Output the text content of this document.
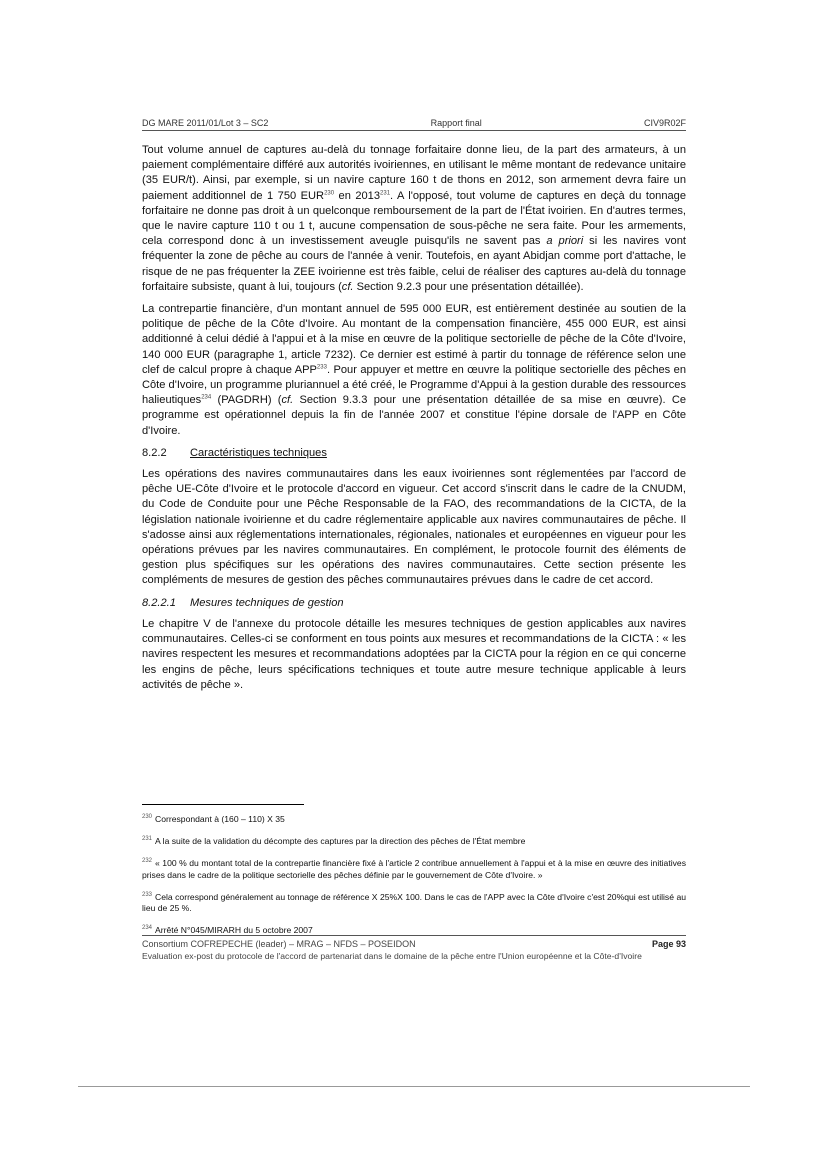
DG MARE 2011/01/Lot 3 – SC2	Rapport final	CIV9R02F

Tout volume annuel de captures au-delà du tonnage forfaitaire donne lieu, de la part des armateurs, à un paiement complémentaire différé aux autorités ivoiriennes, en utilisant le même montant de redevance unitaire (35 EUR/t). Ainsi, par exemple, si un navire capture 160 t de thons en 2012, son armement devra faire un paiement additionnel de 1 750 EUR$^{230}$ en 2013$^{231}$. A l'opposé, tout volume de captures en deçà du tonnage forfaitaire ne donne pas droit à un quelconque remboursement de la part de l'État ivoirien. En d'autres termes, que le navire capture 110 t ou 1 t, aucune compensation de sous-pêche ne sera faite. Pour les armements, cela correspond donc à un investissement aveugle puisqu'ils ne savent pas a priori si les navires vont fréquenter la zone de pêche au cours de l'année à venir. Toutefois, en ayant Abidjan comme port d'attache, le risque de ne pas fréquenter la ZEE ivoirienne est très faible, celui de réaliser des captures au-delà du tonnage forfaitaire subsiste, quant à lui, toujours (cf. Section 9.2.3 pour une présentation détaillée).

La contrepartie financière, d'un montant annuel de 595 000 EUR, est entièrement destinée au soutien de la politique de pêche de la Côte d'Ivoire. Au montant de la compensation financière, 455 000 EUR, est ainsi additionné à celui dédié à l'appui et à la mise en œuvre de la politique sectorielle de pêche de la Côte d'Ivoire, 140 000 EUR (paragraphe 1, article 7232). Ce dernier est estimé à partir du tonnage de référence selon une clef de calcul propre à chaque APP$^{233}$. Pour appuyer et mettre en œuvre la politique sectorielle des pêches en Côte d'Ivoire, un programme pluriannuel a été créé, le Programme d'Appui à la gestion durable des ressources halieutiques$^{234}$ (PAGDRH) (cf. Section 9.3.3 pour une présentation détaillée de sa mise en œuvre). Ce programme est opérationnel depuis la fin de l'année 2007 et constitue l'épine dorsale de l'APP en Côte d'Ivoire.

8.2.2	Caractéristiques techniques

Les opérations des navires communautaires dans les eaux ivoiriennes sont réglementées par l'accord de pêche UE-Côte d'Ivoire et le protocole d'accord en vigueur. Cet accord s'inscrit dans le cadre de la CNUDM, du Code de Conduite pour une Pêche Responsable de la FAO, des recommandations de la CICTA, de la législation nationale ivoirienne et du cadre réglementaire applicable aux navires communautaires de pêche. Il s'adosse ainsi aux réglementations internationales, régionales, nationales et européennes en vigueur pour les opérations prévues par les navires communautaires. En complément, le protocole fournit des éléments de gestion plus spécifiques sur les opérations des navires communautaires. Cette section présente les compléments de mesures de gestion des pêches communautaires prévues dans le cadre de cet accord.

8.2.2.1	Mesures techniques de gestion

Le chapitre V de l'annexe du protocole détaille les mesures techniques de gestion applicables aux navires communautaires. Celles-ci se conforment en tous points aux mesures et recommandations de la CICTA : « les navires respectent les mesures et recommandations adoptées par la CICTA pour la région en ce qui concerne les engins de pêche, leurs spécifications techniques et toute autre mesure technique applicable à leurs activités de pêche ».

$^{230}$ Correspondant à (160 – 110) X 35
$^{231}$ A la suite de la validation du décompte des captures par la direction des pêches de l'État membre
$^{232}$ « 100 % du montant total de la contrepartie financière fixé à l'article 2 contribue annuellement à l'appui et à la mise en œuvre des initiatives prises dans le cadre de la politique sectorielle des pêches définie par le gouvernement de Côte d'Ivoire. »
$^{233}$ Cela correspond généralement au tonnage de référence X 25%X 100. Dans le cas de l'APP avec la Côte d'Ivoire c'est 20%qui est utilisé au lieu de 25 %.
$^{234}$ Arrêté N°045/MIRARH du 5 octobre 2007
Consortium COFREPECHE (leader) – MRAG – NFDS – POSEIDON	Page 93
Evaluation ex-post du protocole de l'accord de partenariat dans le domaine de la pêche entre l'Union européenne et la Côte-d'Ivoire
